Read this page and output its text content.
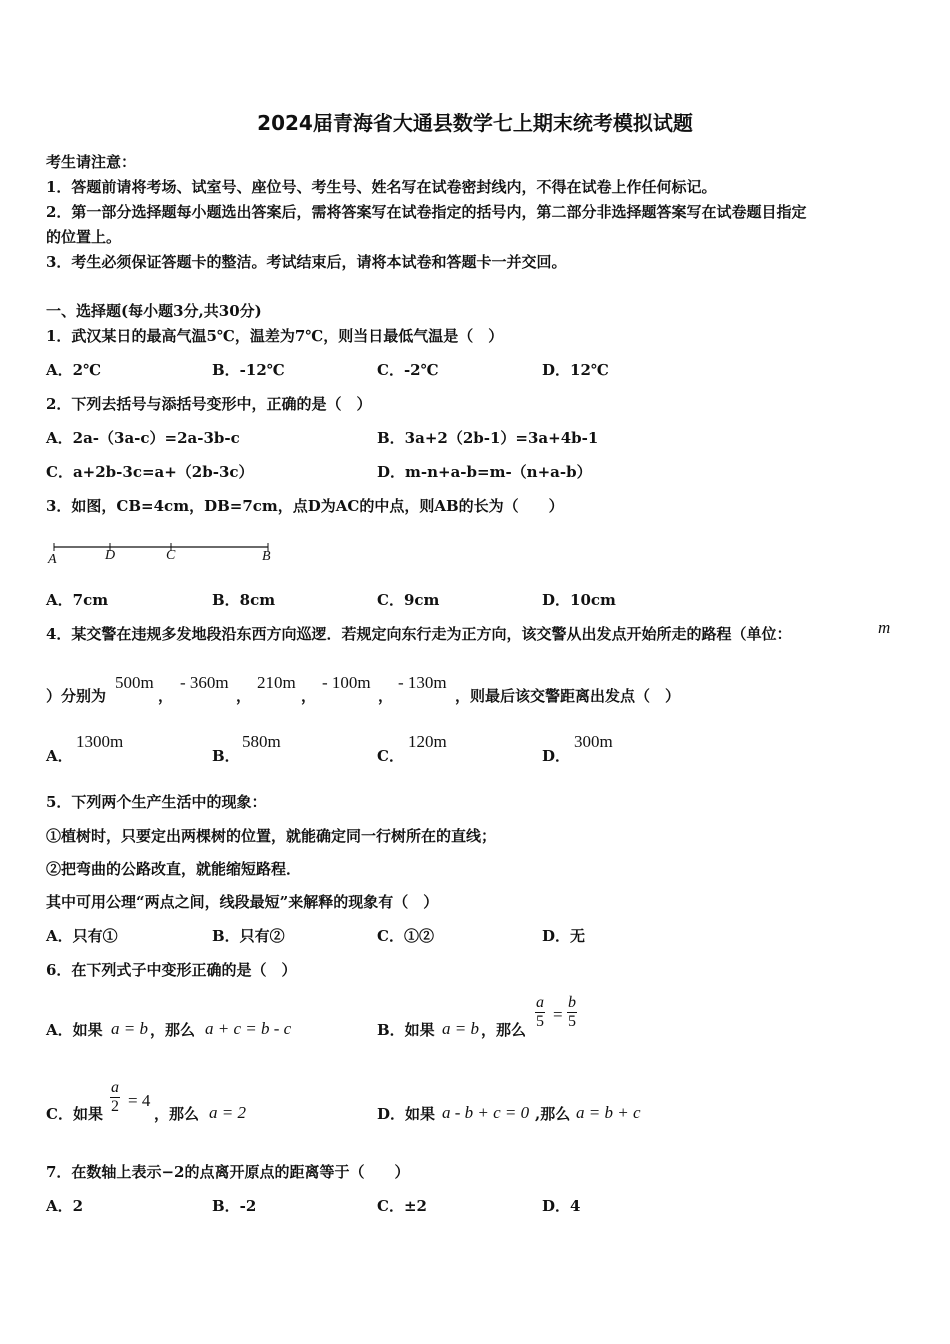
2024届青海省大通县数学七上期末统考模拟试题
考生请注意：
1．答题前请将考场、试室号、座位号、考生号、姓名写在试卷密封线内，不得在试卷上作任何标记。
2．第一部分选择题每小题选出答案后，需将答案写在试卷指定的括号内，第二部分非选择题答案写在试卷题目指定
的位置上。
3．考生必须保证答题卡的整洁。考试结束后，请将本试卷和答题卡一并交回。
一、选择题(每小题3分,共30分)
1．武汉某日的最高气温5℃，温差为7℃，则当日最低气温是（　）
A．2℃	B．-12℃	C．-2℃	D．12℃
2．下列去括号与添括号变形中，正确的是（　）
A．2a-（3a-c）=2a-3b-c	B．3a+2（2b-1）=3a+4b-1
C．a+2b-3c=a+（2b-3c）	D．m-n+a-b=m-（n+a-b）
3．如图，CB=4cm，DB=7cm，点D为AC的中点，则AB的长为（　　）
A	D	C	B
A．7cm	B．8cm	C．9cm	D．10cm
4．某交警在违规多发地段沿东西方向巡逻．若规定向东行走为正方向，该交警从出发点开始所走的路程（单位：	m
）分别为
500m
，
- 360m
，
210m
，
- 100m
，
- 130m
，则最后该交警距离出发点（　）
A．
1300m
B．
580m
C．
120m
D．
300m
5．下列两个生产生活中的现象：
①植树时，只要定出两棵树的位置，就能确定同一行树所在的直线；
②把弯曲的公路改直，就能缩短路程．
其中可用公理“两点之间，线段最短”来解释的现象有（　）
A．只有①	B．只有②	C．①②	D．无
6．在下列式子中变形正确的是（　）
A．如果 a = b ，那么 a + c = b - c	B．如果 a = b ，那么 $\frac{a}{5} = \frac{b}{5}$
C．如果 $\frac{a}{2} = 4$
，那么 a = 2	D．如果 a - b + c = 0 ,那么 a = b + c
7．在数轴上表示−2的点离开原点的距离等于（　　）
A．2	B．-2	C．±2	D．4
